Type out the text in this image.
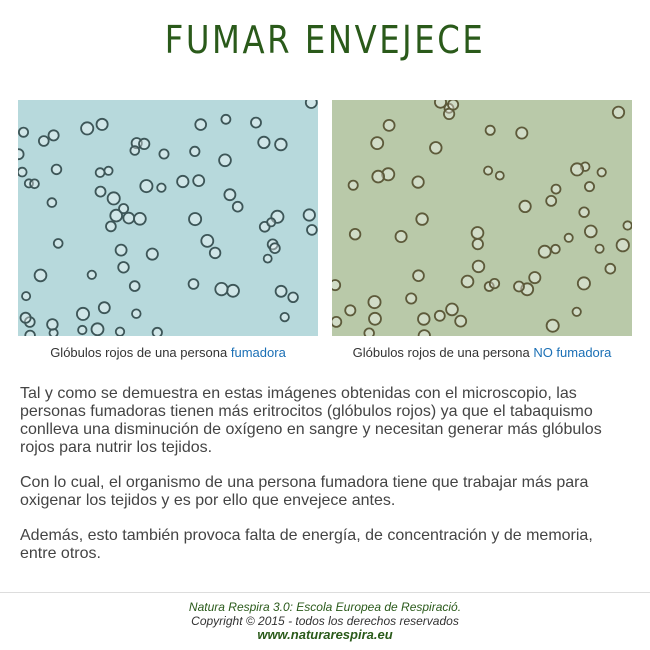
FUMAR ENVEJECE
Glóbulos rojos de una persona fumadora	Glóbulos rojos de una persona NO fumadora

Tal y como se demuestra en estas imágenes obtenidas con el microscopio, las personas fumadoras tienen más eritrocitos (glóbulos rojos) ya que el tabaquismo conlleva una disminución de oxígeno en sangre y necesitan generar más glóbulos rojos para nutrir los tejidos.

Con lo cual, el organismo de una persona fumadora tiene que trabajar más para oxigenar los tejidos y es por ello que envejece antes.

Además, esto también provoca falta de energía, de concentración y de memoria, entre otros.

Natura Respira 3.0: Escola Europea de Respiració.
Copyright © 2015 - todos los derechos reservados
www.naturarespira.eu
